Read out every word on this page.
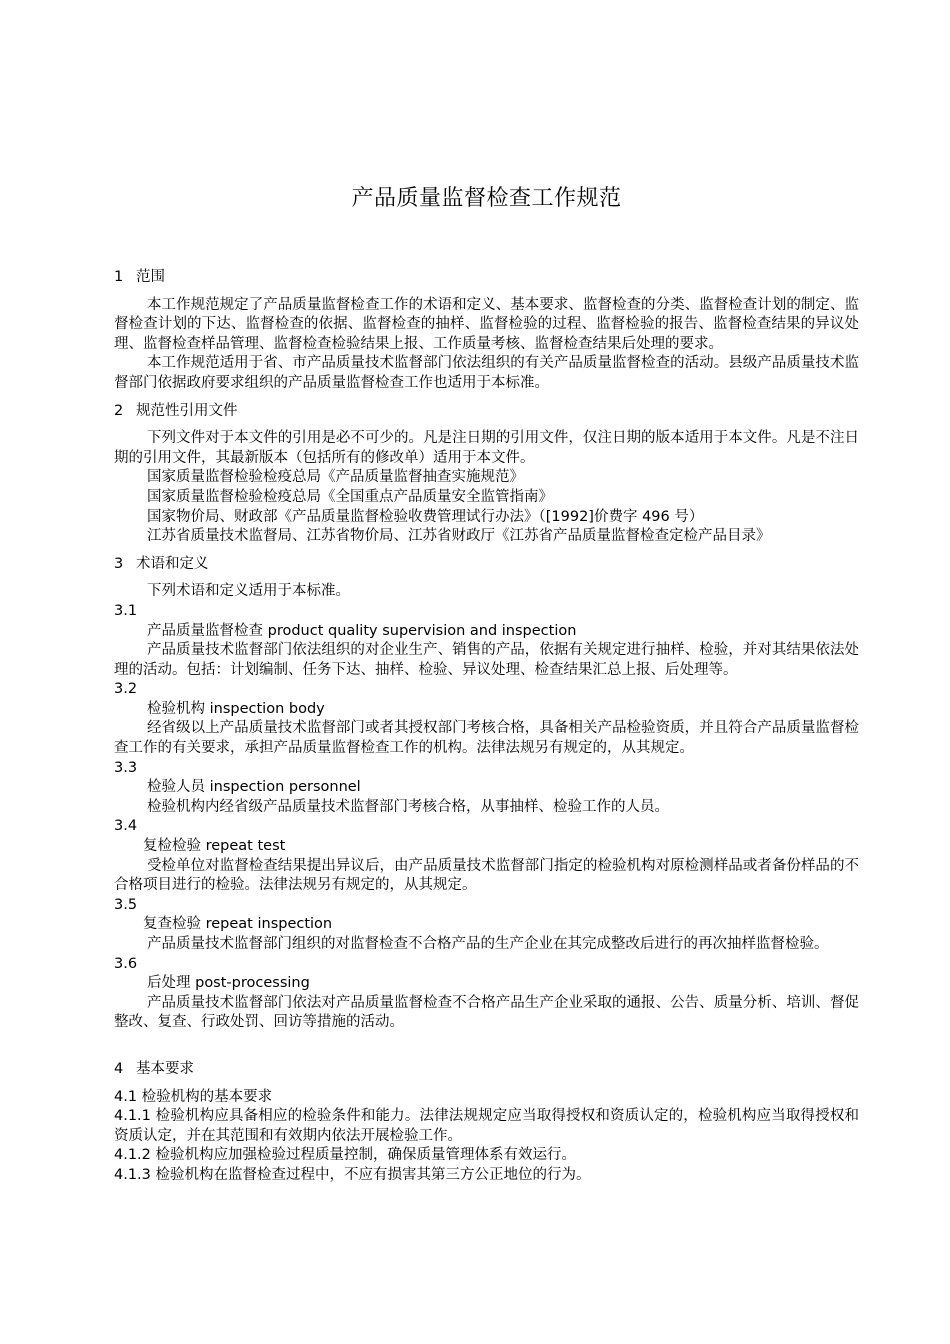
产品质量监督检查工作规范

1 范围

本工作规范规定了产品质量监督检查工作的术语和定义、基本要求、监督检查的分类、监督检查计划的制定、监督检查计划的下达、监督检查的依据、监督检查的抽样、监督检验的过程、监督检验的报告、监督检查结果的异议处理、监督检查样品管理、监督检查检验结果上报、工作质量考核、监督检查结果后处理的要求。

本工作规范适用于省、市产品质量技术监督部门依法组织的有关产品质量监督检查的活动。县级产品质量技术监督部门依据政府要求组织的产品质量监督检查工作也适用于本标准。

2 规范性引用文件

下列文件对于本文件的引用是必不可少的。凡是注日期的引用文件，仅注日期的版本适用于本文件。凡是不注日期的引用文件，其最新版本（包括所有的修改单）适用于本文件。

国家质量监督检验检疫总局《产品质量监督抽查实施规范》

国家质量监督检验检疫总局《全国重点产品质量安全监管指南》

国家物价局、财政部《产品质量监督检验收费管理试行办法》（[1992]价费字 496 号）

江苏省质量技术监督局、江苏省物价局、江苏省财政厅《江苏省产品质量监督检查定检产品目录》

3 术语和定义

下列术语和定义适用于本标准。

3.1

产品质量监督检查 product quality supervision and inspection

产品质量技术监督部门依法组织的对企业生产、销售的产品，依据有关规定进行抽样、检验，并对其结果依法处理的活动。包括：计划编制、任务下达、抽样、检验、异议处理、检查结果汇总上报、后处理等。

3.2

检验机构 inspection body

经省级以上产品质量技术监督部门或者其授权部门考核合格，具备相关产品检验资质，并且符合产品质量监督检查工作的有关要求，承担产品质量监督检查工作的机构。法律法规另有规定的，从其规定。

3.3

检验人员 inspection personnel

检验机构内经省级产品质量技术监督部门考核合格，从事抽样、检验工作的人员。

3.4

复检检验 repeat test

受检单位对监督检查结果提出异议后，由产品质量技术监督部门指定的检验机构对原检测样品或者备份样品的不合格项目进行的检验。法律法规另有规定的，从其规定。

3.5

复查检验 repeat inspection

产品质量技术监督部门组织的对监督检查不合格产品的生产企业在其完成整改后进行的再次抽样监督检验。

3.6

后处理 post-processing

产品质量技术监督部门依法对产品质量监督检查不合格产品生产企业采取的通报、公告、质量分析、培训、督促整改、复查、行政处罚、回访等措施的活动。

4 基本要求

4.1 检验机构的基本要求

4.1.1 检验机构应具备相应的检验条件和能力。法律法规规定应当取得授权和资质认定的，检验机构应当取得授权和资质认定，并在其范围和有效期内依法开展检验工作。

4.1.2 检验机构应加强检验过程质量控制，确保质量管理体系有效运行。

4.1.3 检验机构在监督检查过程中，不应有损害其第三方公正地位的行为。
